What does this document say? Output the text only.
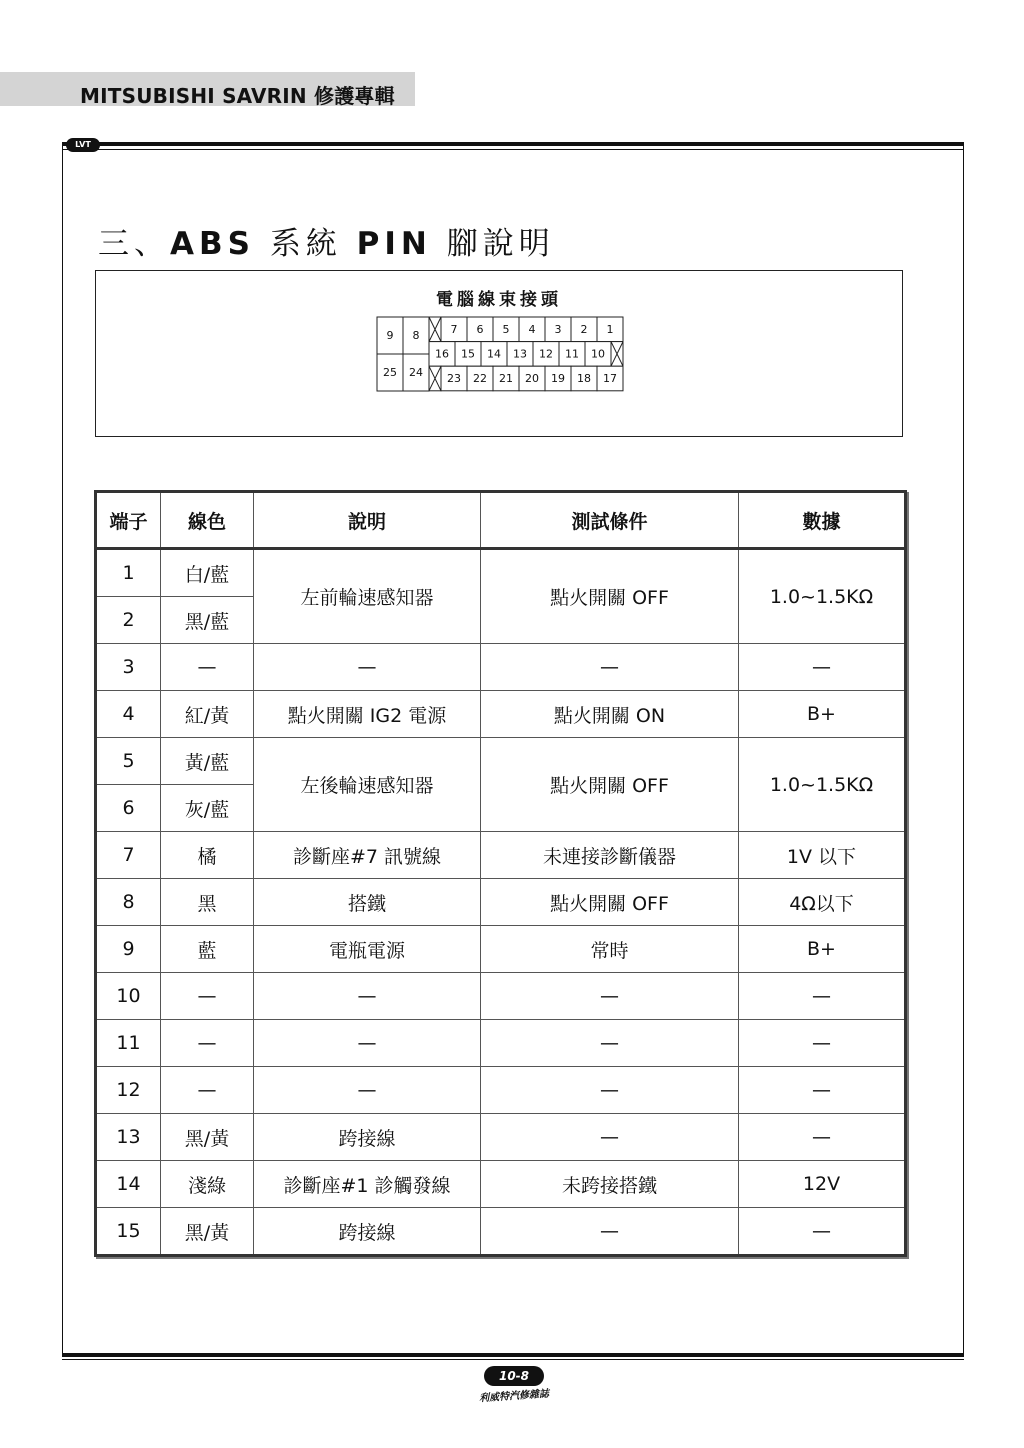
MITSUBISHI SAVRIN 修護專輯
LVT
三、ABS 系統 PIN 腳說明
電腦線束接頭
9 8
25 24
7 6 5 4 3 2 1
16 15 14 13 12 11 10
23 22 21 20 19 18 17
端子	線色	說明	測試條件	數據
1	白/藍	左前輪速感知器	點火開關 OFF	1.0~1.5KΩ
2	黑/藍			
3	—	—	—	—
4	紅/黃	點火開關 IG2 電源	點火開關 ON	B+
5	黃/藍	左後輪速感知器	點火開關 OFF	1.0~1.5KΩ
6	灰/藍			
7	橘	診斷座#7 訊號線	未連接診斷儀器	1V 以下
8	黑	搭鐵	點火開關 OFF	4Ω以下
9	藍	電瓶電源	常時	B+
10	—	—	—	—
11	—	—	—	—
12	—	—	—	—
13	黑/黃	跨接線	—	—
14	淺綠	診斷座#1 診觸發線	未跨接搭鐵	12V
15	黑/黃	跨接線	—	—
10-8
利威特汽修雜誌
